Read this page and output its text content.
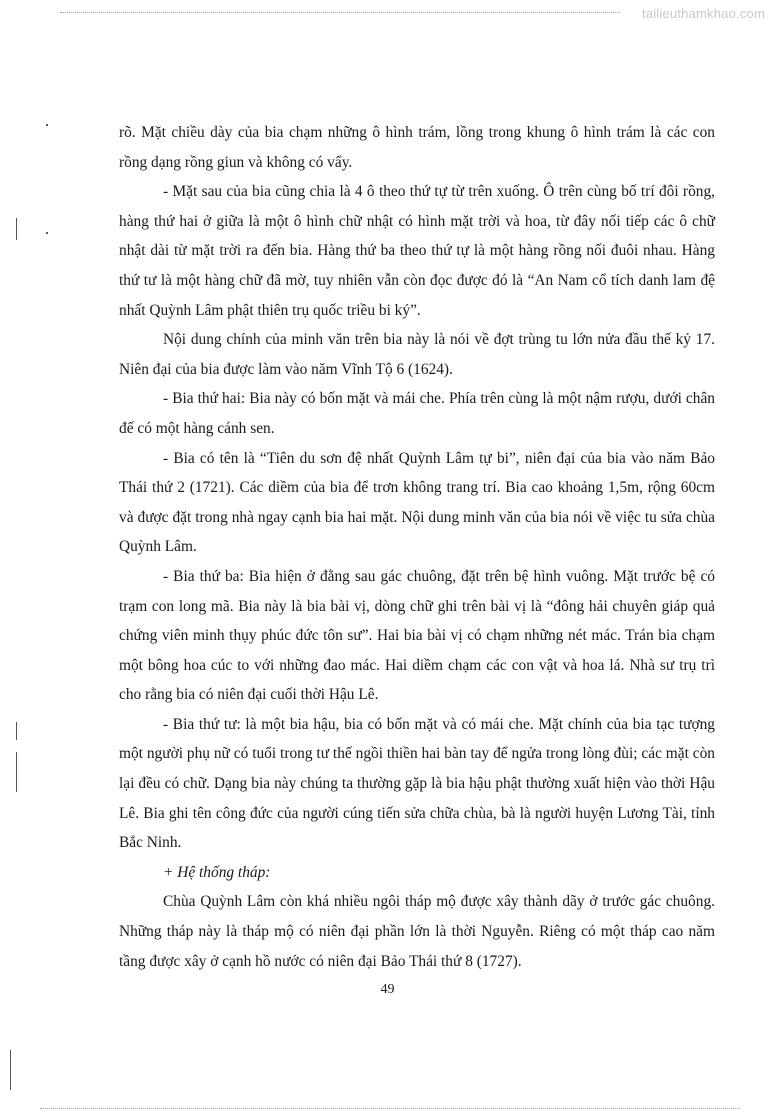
tailieuthamkhao.com

rõ. Mặt chiều dày của bia chạm những ô hình trám, lồng trong khung ô hình trám là các con rồng dạng rồng giun và không có vẩy.

- Mặt sau của bia cũng chia là 4 ô theo thứ tự từ trên xuống. Ô trên cùng bố trí đôi rồng, hàng thứ hai ở giữa là một ô hình chữ nhật có hình mặt trời và hoa, từ đây nối tiếp các ô chữ nhật dài từ mặt trời ra đến bia. Hàng thứ ba theo thứ tự là một hàng rồng nối đuôi nhau. Hàng thứ tư là một hàng chữ đã mờ, tuy nhiên vẫn còn đọc được đó là “An Nam cổ tích danh lam đệ nhất Quỳnh Lâm phật thiên trụ quốc triều bi ký”.

Nội dung chính của minh văn trên bia này là nói về đợt trùng tu lớn nửa đầu thế kỷ 17. Niên đại của bia được làm vào năm Vĩnh Tộ 6 (1624).

- Bia thứ hai: Bia này có bốn mặt và mái che. Phía trên cùng là một nậm rượu, dưới chân đế có một hàng cánh sen.

- Bia có tên là “Tiên du sơn đệ nhất Quỳnh Lâm tự bi”, niên đại của bia vào năm Bảo Thái thứ 2 (1721). Các diềm của bia để trơn không trang trí. Bia cao khoảng 1,5m, rộng 60cm và được đặt trong nhà ngay cạnh bia hai mặt. Nội dung minh văn của bia nói về việc tu sửa chùa Quỳnh Lâm.

- Bia thứ ba: Bia hiện ở đằng sau gác chuông, đặt trên bệ hình vuông. Mặt trước bệ có trạm con long mã. Bia này là bia bài vị, dòng chữ ghi trên bài vị là “đông hải chuyên giáp quả chứng viên minh thụy phúc đức tôn sư”. Hai bia bài vị có chạm những nét mác. Trán bia chạm một bông hoa cúc to với những đao mác. Hai diềm chạm các con vật và hoa lá. Nhà sư trụ trì cho rằng bia có niên đại cuối thời Hậu Lê.

- Bia thứ tư: là một bia hậu, bia có bốn mặt và có mái che. Mặt chính của bia tạc tượng một người phụ nữ có tuổi trong tư thế ngồi thiền hai bàn tay để ngửa trong lòng đùi; các mặt còn lại đều có chữ. Dạng bia này chúng ta thường gặp là bia hậu phật thường xuất hiện vào thời Hậu Lê. Bia ghi tên công đức của người cúng tiến sửa chữa chùa, bà là người huyện Lương Tài, tỉnh Bắc Ninh.

+ Hệ thống tháp:

Chùa Quỳnh Lâm còn khá nhiều ngôi tháp mộ được xây thành dãy ở trước gác chuông. Những tháp này là tháp mộ có niên đại phần lớn là thời Nguyễn. Riêng có một tháp cao năm tầng được xây ở cạnh hồ nước có niên đại Bảo Thái thứ 8 (1727).

49
